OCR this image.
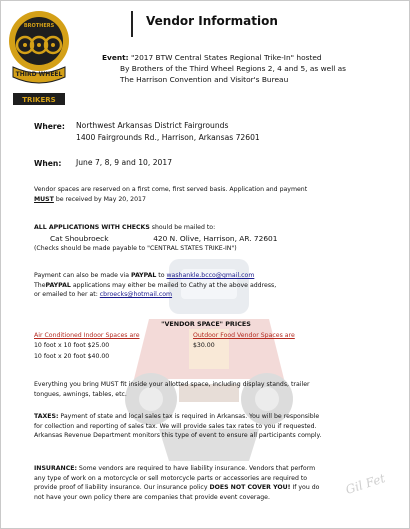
BROTHERS
THIRD WHEEL
TRIKERS
Vendor Information
Event: "2017 BTW Central States Regional Trike-In" hosted
By Brothers of the Third Wheel Regions 2, 4 and 5, as well as
The Harrison Convention and Visitor's Bureau
Where: Northwest Arkansas District Fairgrounds
1400 Fairgrounds Rd., Harrison, Arkansas 72601
When: June 7, 8, 9 and 10, 2017
Vendor spaces are reserved on a first come, first served basis. Application and payment
MUST be received by May 20, 2017
ALL APPLICATIONS WITH CHECKS should be mailed to:
Cat Shoubroeck	420 N. Olive, Harrison, AR. 72601
(Checks should be made payable to "CENTRAL STATES TRIKE-IN")
Payment can also be made via PAYPAL to washankle.bcco@gmail.com
ThePAYPAL applications may either be mailed to Cathy at the above address,
or emailed to her at: cbroecks@hotmail.com
"VENDOR SPACE" PRICES
Air Conditioned Indoor Spaces are	Outdoor Food Vendor Spaces are
10 foot x 10 foot $25.00
10 foot x 20 foot $40.00
$30.00
Everything you bring MUST fit inside your allotted space, including display stands, trailer
tongues, awnings, tables, etc.
TAXES: Payment of state and local sales tax is required in Arkansas. You will be responsible
for collection and reporting of sales tax. We will provide sales tax rates to you if requested.
Arkansas Revenue Department monitors this type of event to ensure all participants comply.
INSURANCE: Some vendors are required to have liability insurance. Vendors that perform
any type of work on a motorcycle or sell motorcycle parts or accessories are required to
provide proof of liability insurance. Our insurance policy DOES NOT COVER YOU! If you do
not have your own policy there are companies that provide event coverage.
Gil Fet
